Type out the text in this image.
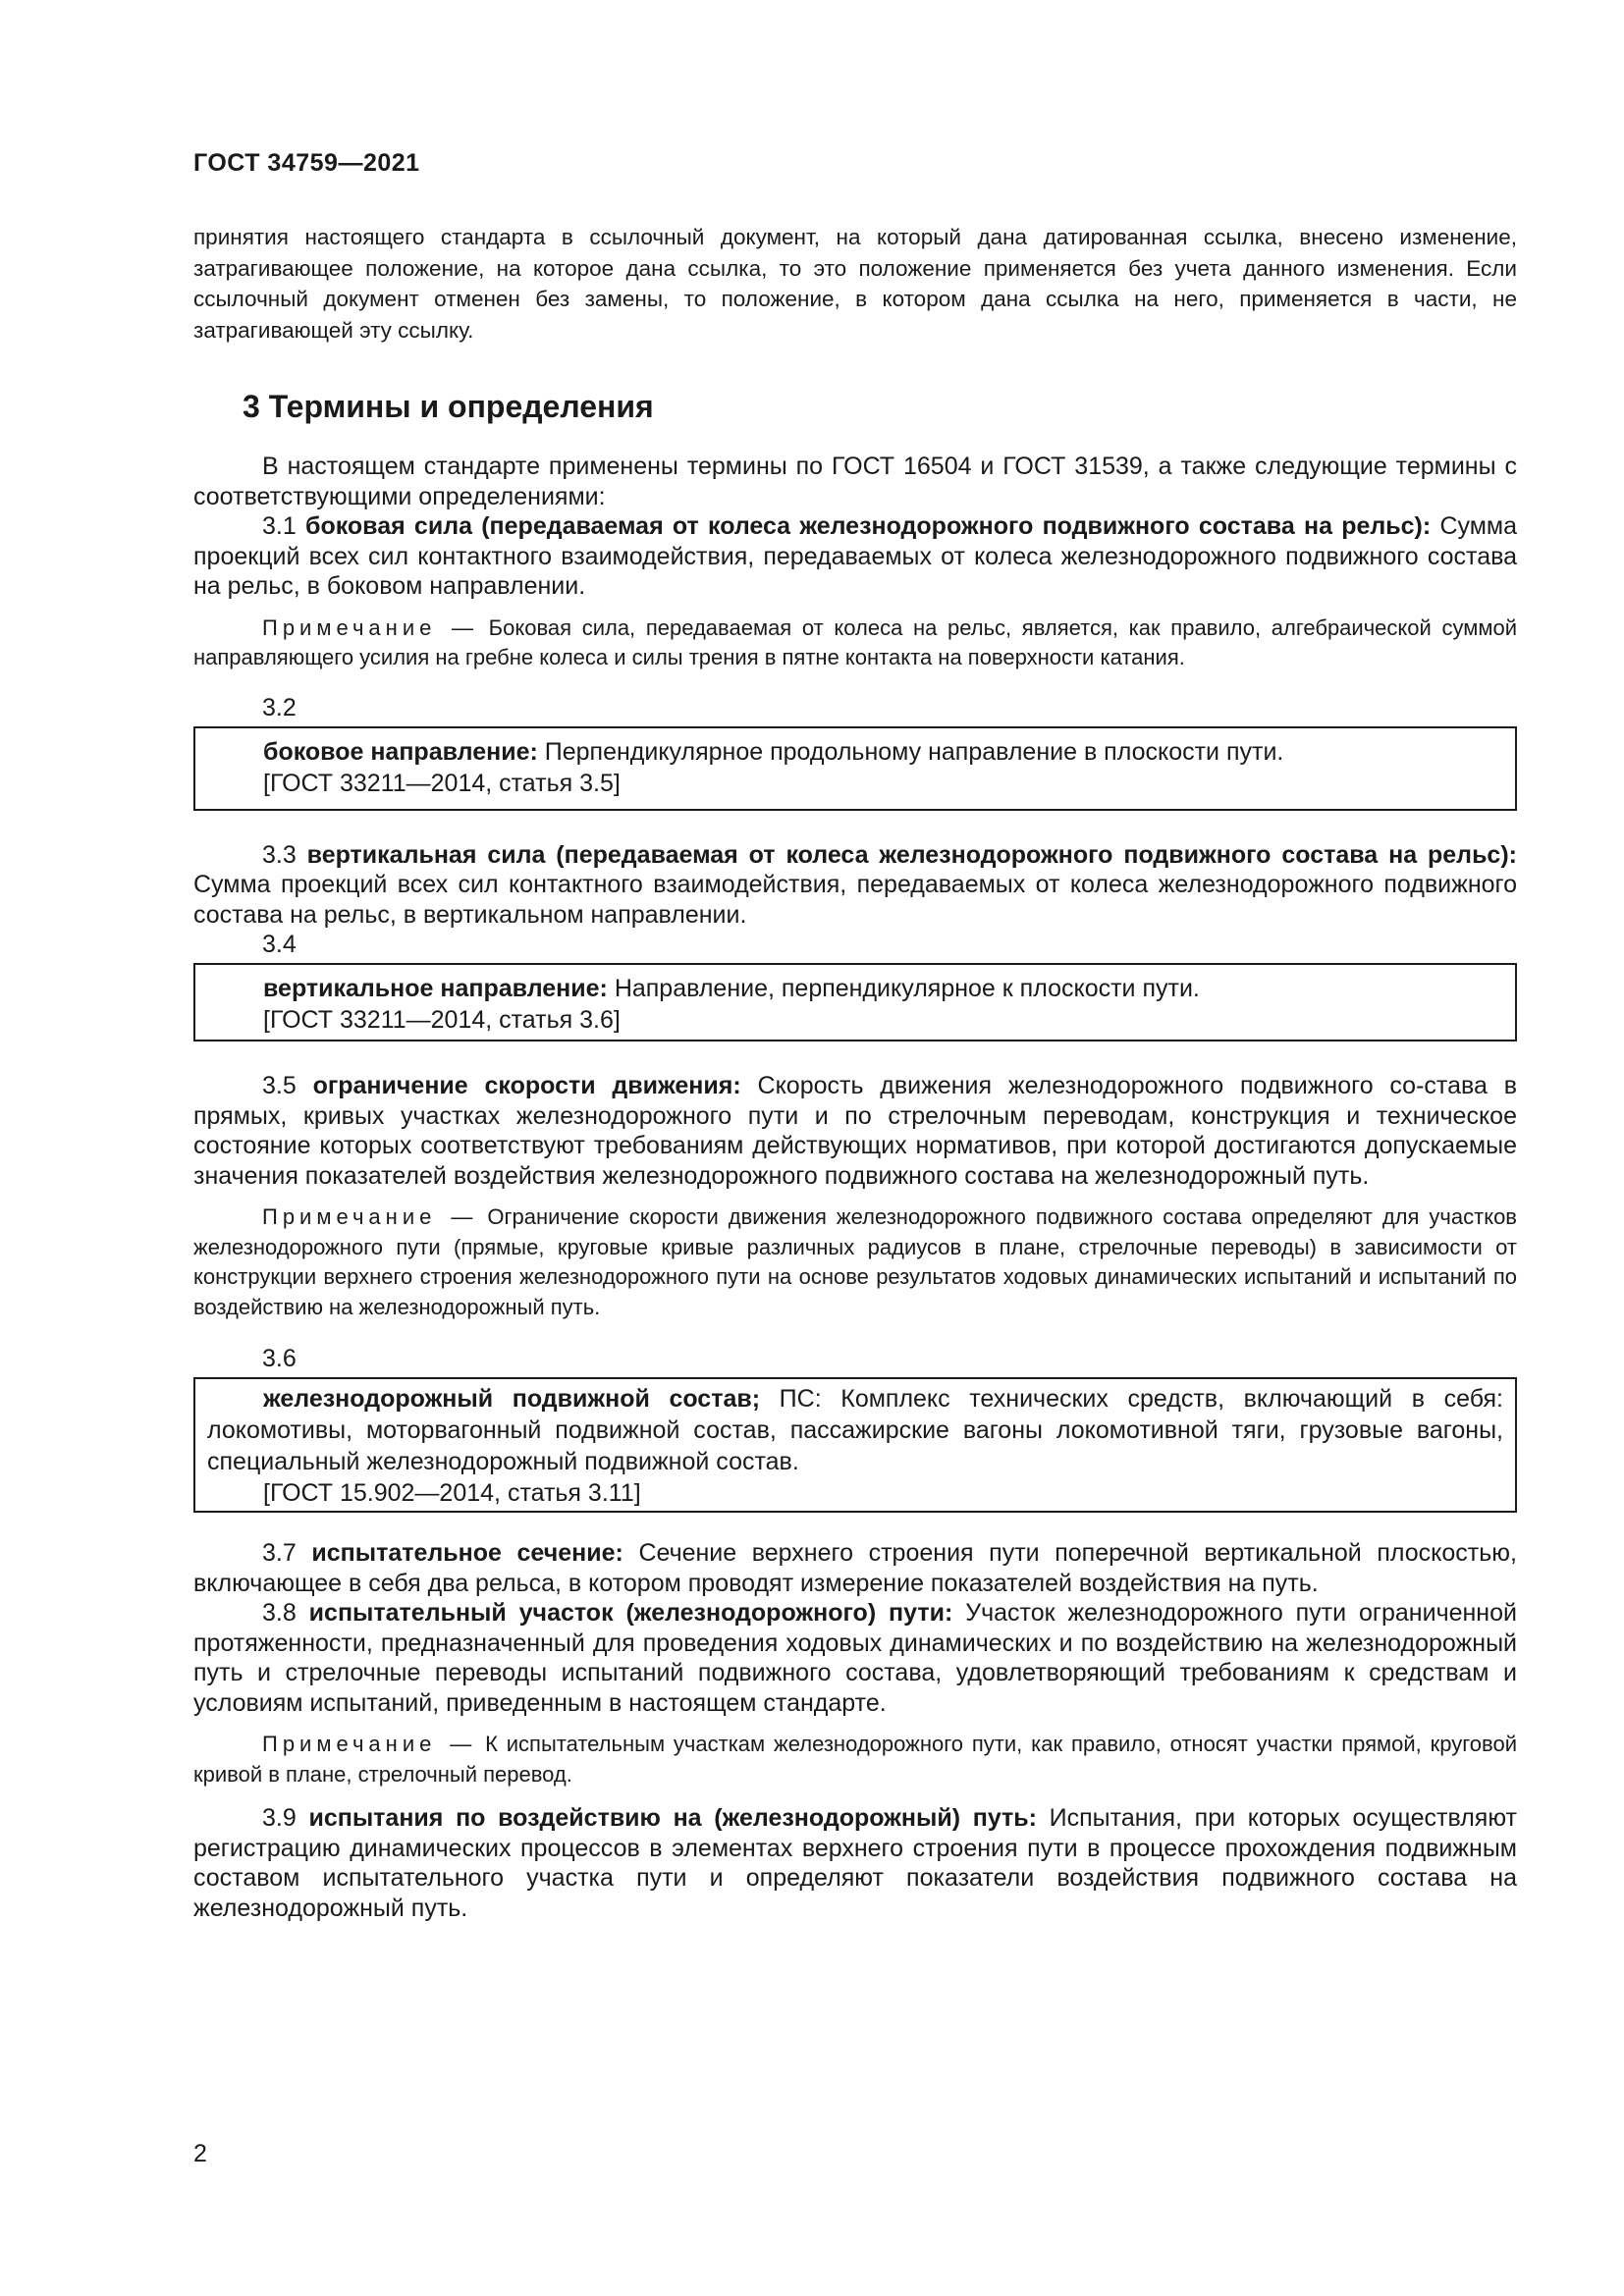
ГОСТ 34759—2021

принятия настоящего стандарта в ссылочный документ, на который дана датированная ссылка, внесено изменение, затрагивающее положение, на которое дана ссылка, то это положение применяется без учета данного изменения. Если ссылочный документ отменен без замены, то положение, в котором дана ссылка на него, применяется в части, не затрагивающей эту ссылку.

3 Термины и определения

В настоящем стандарте применены термины по ГОСТ 16504 и ГОСТ 31539, а также следующие термины с соответствующими определениями:

3.1 боковая сила (передаваемая от колеса железнодорожного подвижного состава на рельс): Сумма проекций всех сил контактного взаимодействия, передаваемых от колеса железнодорожного подвижного состава на рельс, в боковом направлении.

Примечание — Боковая сила, передаваемая от колеса на рельс, является, как правило, алгебраической суммой направляющего усилия на гребне колеса и силы трения в пятне контакта на поверхности катания.

3.2

боковое направление: Перпендикулярное продольному направление в плоскости пути.

[ГОСТ 33211—2014, статья 3.5]

3.3 вертикальная сила (передаваемая от колеса железнодорожного подвижного состава на рельс): Сумма проекций всех сил контактного взаимодействия, передаваемых от колеса железнодорожного подвижного состава на рельс, в вертикальном направлении.

3.4

вертикальное направление: Направление, перпендикулярное к плоскости пути.

[ГОСТ 33211—2014, статья 3.6]

3.5 ограничение скорости движения: Скорость движения железнодорожного подвижного со-става в прямых, кривых участках железнодорожного пути и по стрелочным переводам, конструкция и техническое состояние которых соответствуют требованиям действующих нормативов, при которой достигаются допускаемые значения показателей воздействия железнодорожного подвижного состава на железнодорожный путь.

Примечание — Ограничение скорости движения железнодорожного подвижного состава определяют для участков железнодорожного пути (прямые, круговые кривые различных радиусов в плане, стрелочные переводы) в зависимости от конструкции верхнего строения железнодорожного пути на основе результатов ходовых динамических испытаний и испытаний по воздействию на железнодорожный путь.

3.6

железнодорожный подвижной состав; ПС: Комплекс технических средств, включающий в себя: локомотивы, моторвагонный подвижной состав, пассажирские вагоны локомотивной тяги, грузовые вагоны, специальный железнодорожный подвижной состав.

[ГОСТ 15.902—2014, статья 3.11]

3.7 испытательное сечение: Сечение верхнего строения пути поперечной вертикальной плоскостью, включающее в себя два рельса, в котором проводят измерение показателей воздействия на путь.

3.8 испытательный участок (железнодорожного) пути: Участок железнодорожного пути ограниченной протяженности, предназначенный для проведения ходовых динамических и по воздействию на железнодорожный путь и стрелочные переводы испытаний подвижного состава, удовлетворяющий требованиям к средствам и условиям испытаний, приведенным в настоящем стандарте.

Примечание — К испытательным участкам железнодорожного пути, как правило, относят участки прямой, круговой кривой в плане, стрелочный перевод.

3.9 испытания по воздействию на (железнодорожный) путь: Испытания, при которых осуществляют регистрацию динамических процессов в элементах верхнего строения пути в процессе прохождения подвижным составом испытательного участка пути и определяют показатели воздействия подвижного состава на железнодорожный путь.

2
